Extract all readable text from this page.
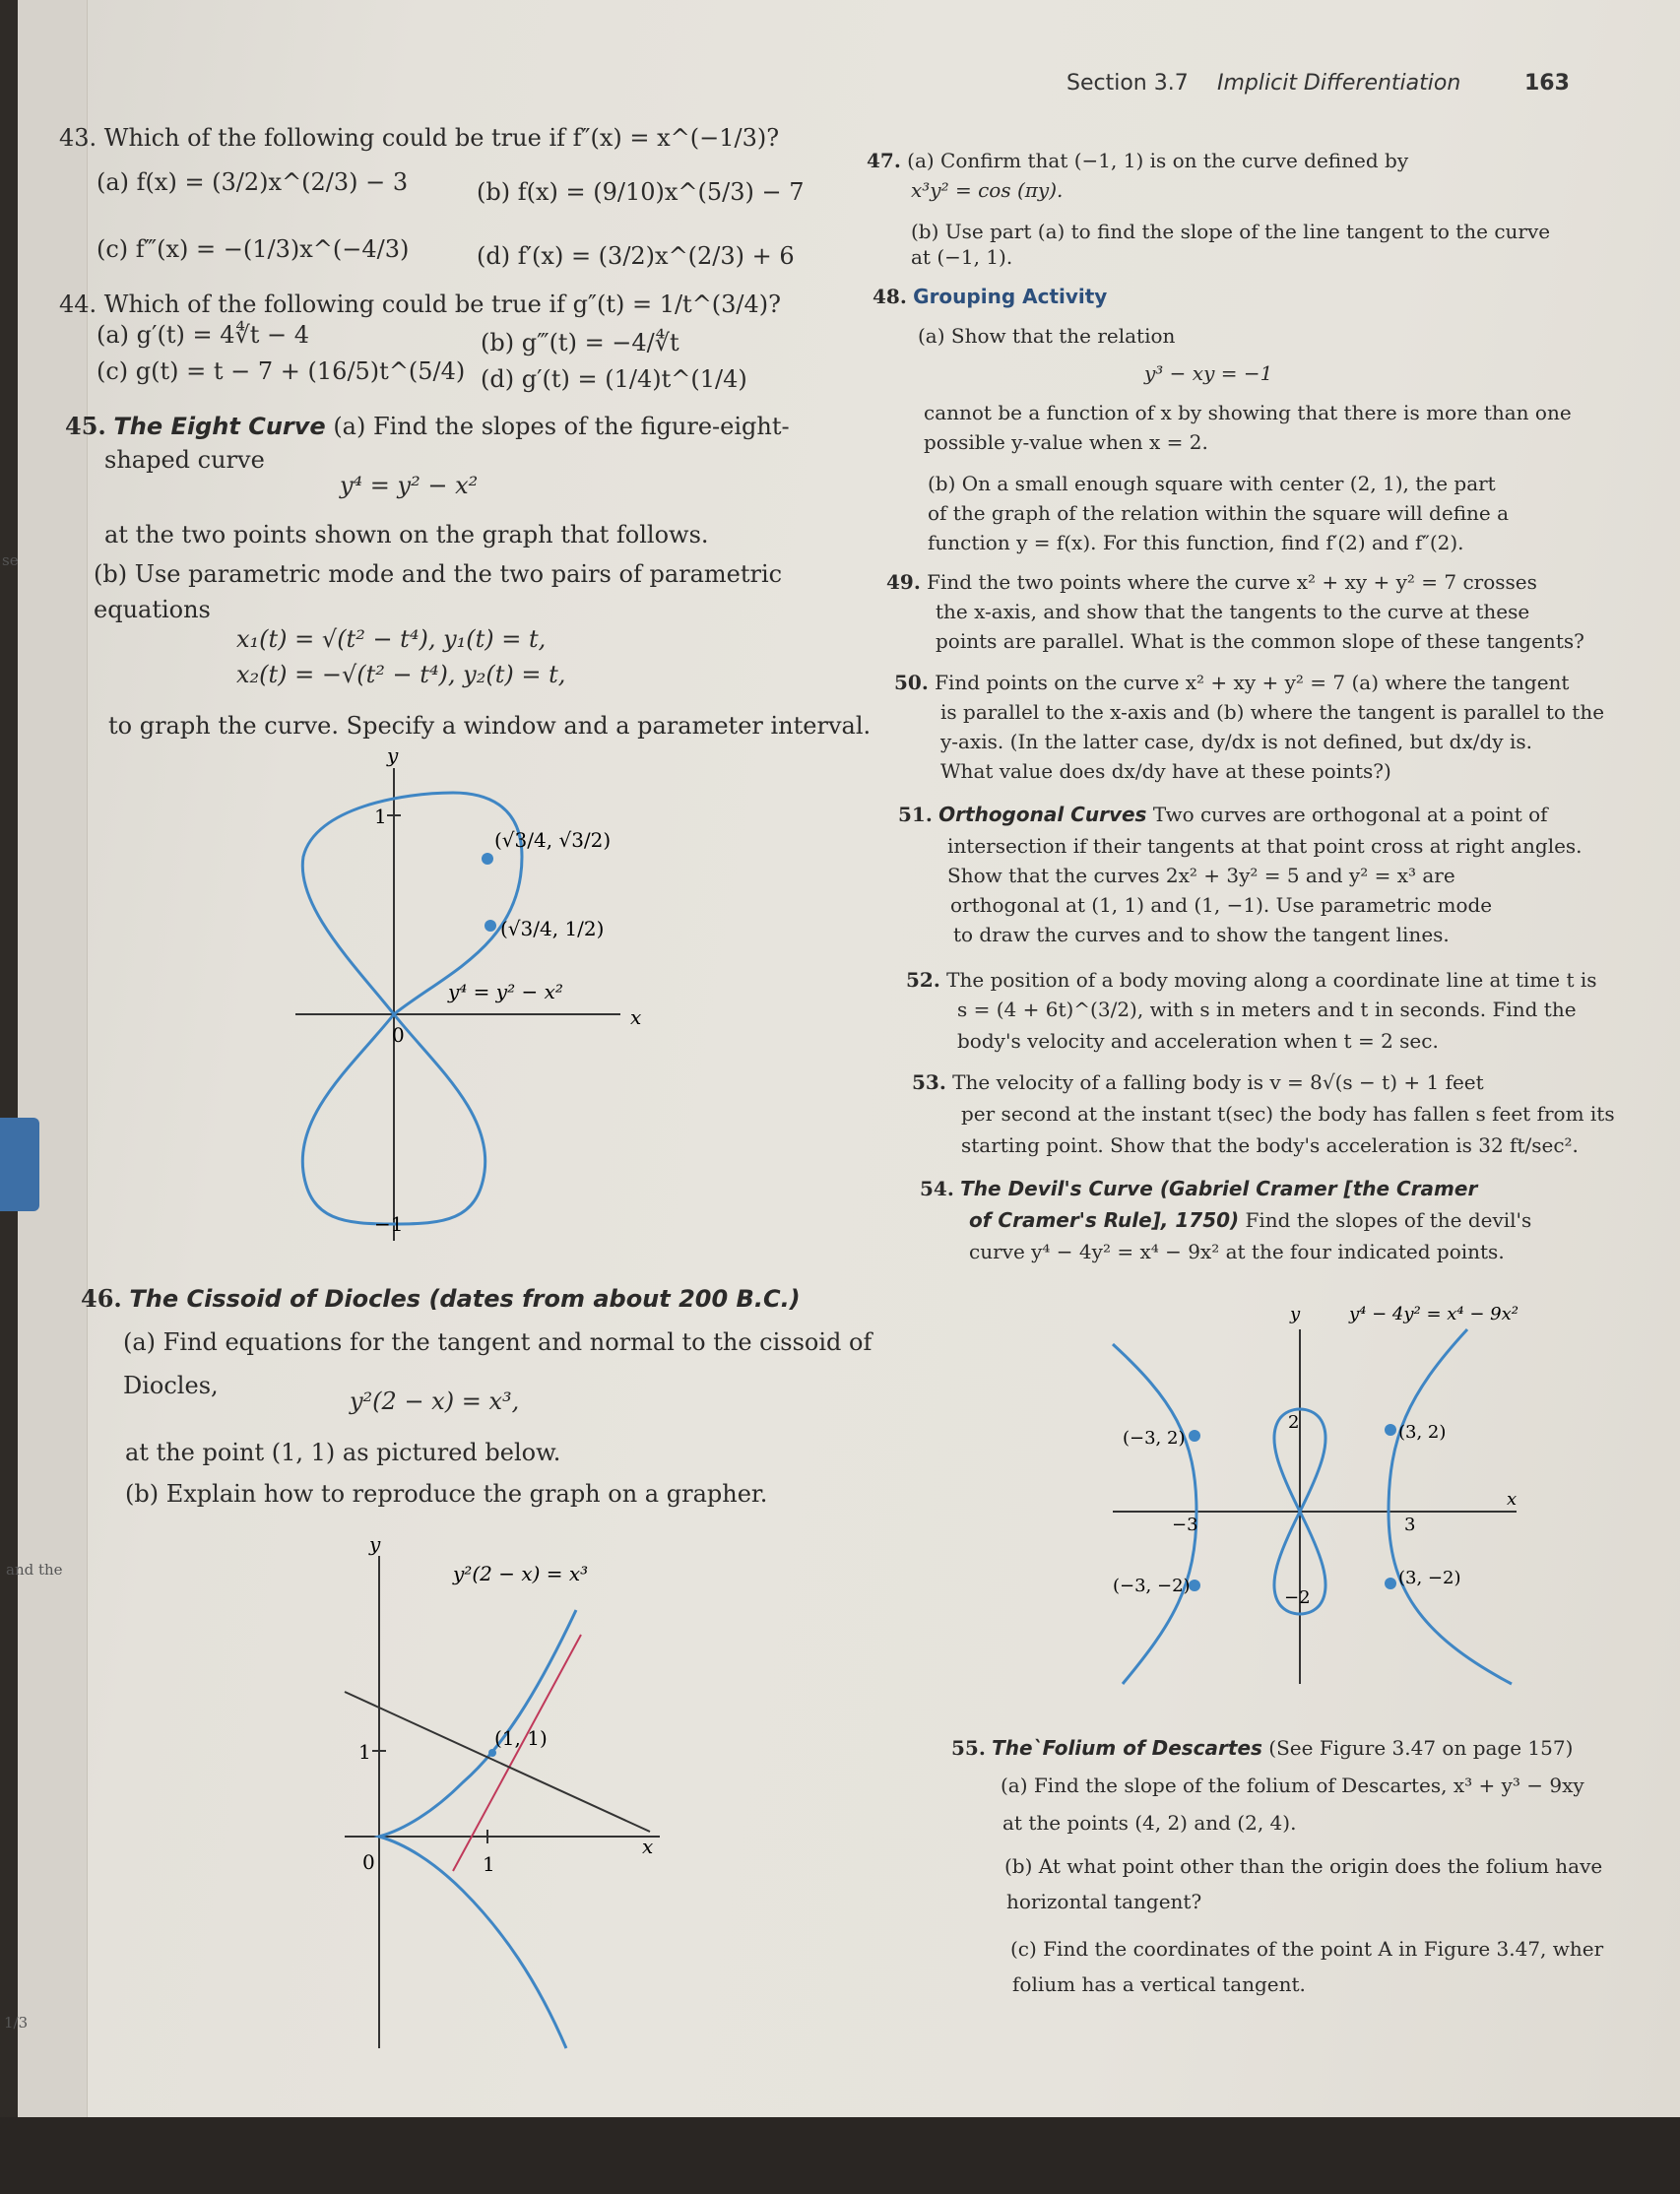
se
and the
1/3
Section 3.7 Implicit Differentiation	163
43. Which of the following could be true if f″(x) = x^(−1/3)?
(a) f(x) = (3/2)x^(2/3) − 3	(b) f(x) = (9/10)x^(5/3) − 7
(c) f‴(x) = −(1/3)x^(−4/3)	(d) f′(x) = (3/2)x^(2/3) + 6
44. Which of the following could be true if g″(t) = 1/t^(3/4)?
(a) g′(t) = 4∜t − 4	(b) g‴(t) = −4/∜t
(c) g(t) = t − 7 + (16/5)t^(5/4) (d) g′(t) = (1/4)t^(1/4)
45. The Eight Curve (a) Find the slopes of the figure-eight-
shaped curve
y⁴ = y² − x²
at the two points shown on the graph that follows.
(b) Use parametric mode and the two pairs of parametric
equations
x₁(t) = √(t² − t⁴), y₁(t) = t,
x₂(t) = −√(t² − t⁴), y₂(t) = t,
to graph the curve. Specify a window and a parameter interval.
y
x
1
−1
0
(√3/4, √3/2)
(√3/4, 1/2)
y⁴ = y² − x²
46. The Cissoid of Diocles (dates from about 200 B.C.)
(a) Find equations for the tangent and normal to the cissoid of
Diocles,
y²(2 − x) = x³,
at the point (1, 1) as pictured below.
(b) Explain how to reproduce the graph on a grapher.
y
x
y²(2 − x) = x³
(1, 1)
1
1
0
47. (a) Confirm that (−1, 1) is on the curve defined by
x³y² = cos (πy).
(b) Use part (a) to find the slope of the line tangent to the curve
at (−1, 1).
48. Grouping Activity
(a) Show that the relation
y³ − xy = −1
cannot be a function of x by showing that there is more than one
possible y-value when x = 2.
(b) On a small enough square with center (2, 1), the part
of the graph of the relation within the square will define a
function y = f(x). For this function, find f′(2) and f″(2).
49. Find the two points where the curve x² + xy + y² = 7 crosses
the x-axis, and show that the tangents to the curve at these
points are parallel. What is the common slope of these tangents?
50. Find points on the curve x² + xy + y² = 7 (a) where the tangent
is parallel to the x-axis and (b) where the tangent is parallel to the
y-axis. (In the latter case, dy/dx is not defined, but dx/dy is.
What value does dx/dy have at these points?)
51. Orthogonal Curves Two curves are orthogonal at a point of
intersection if their tangents at that point cross at right angles.
Show that the curves 2x² + 3y² = 5 and y² = x³ are
orthogonal at (1, 1) and (1, −1). Use parametric mode
to draw the curves and to show the tangent lines.
52. The position of a body moving along a coordinate line at time t is
s = (4 + 6t)^(3/2), with s in meters and t in seconds. Find the
body's velocity and acceleration when t = 2 sec.
53. The velocity of a falling body is v = 8√(s − t) + 1 feet
per second at the instant t(sec) the body has fallen s feet from its
starting point. Show that the body's acceleration is 32 ft/sec².
54. The Devil's Curve (Gabriel Cramer [the Cramer
of Cramer's Rule], 1750) Find the slopes of the devil's
curve y⁴ − 4y² = x⁴ − 9x² at the four indicated points.
y
x
y⁴ − 4y² = x⁴ − 9x²
(−3, 2)	(3, 2)
(−3, −2)	(3, −2)
2
−2
−3	3
55. The`Folium of Descartes (See Figure 3.47 on page 157)
(a) Find the slope of the folium of Descartes, x³ + y³ − 9xy
at the points (4, 2) and (2, 4).
(b) At what point other than the origin does the folium have
horizontal tangent?
(c) Find the coordinates of the point A in Figure 3.47, wher
folium has a vertical tangent.
